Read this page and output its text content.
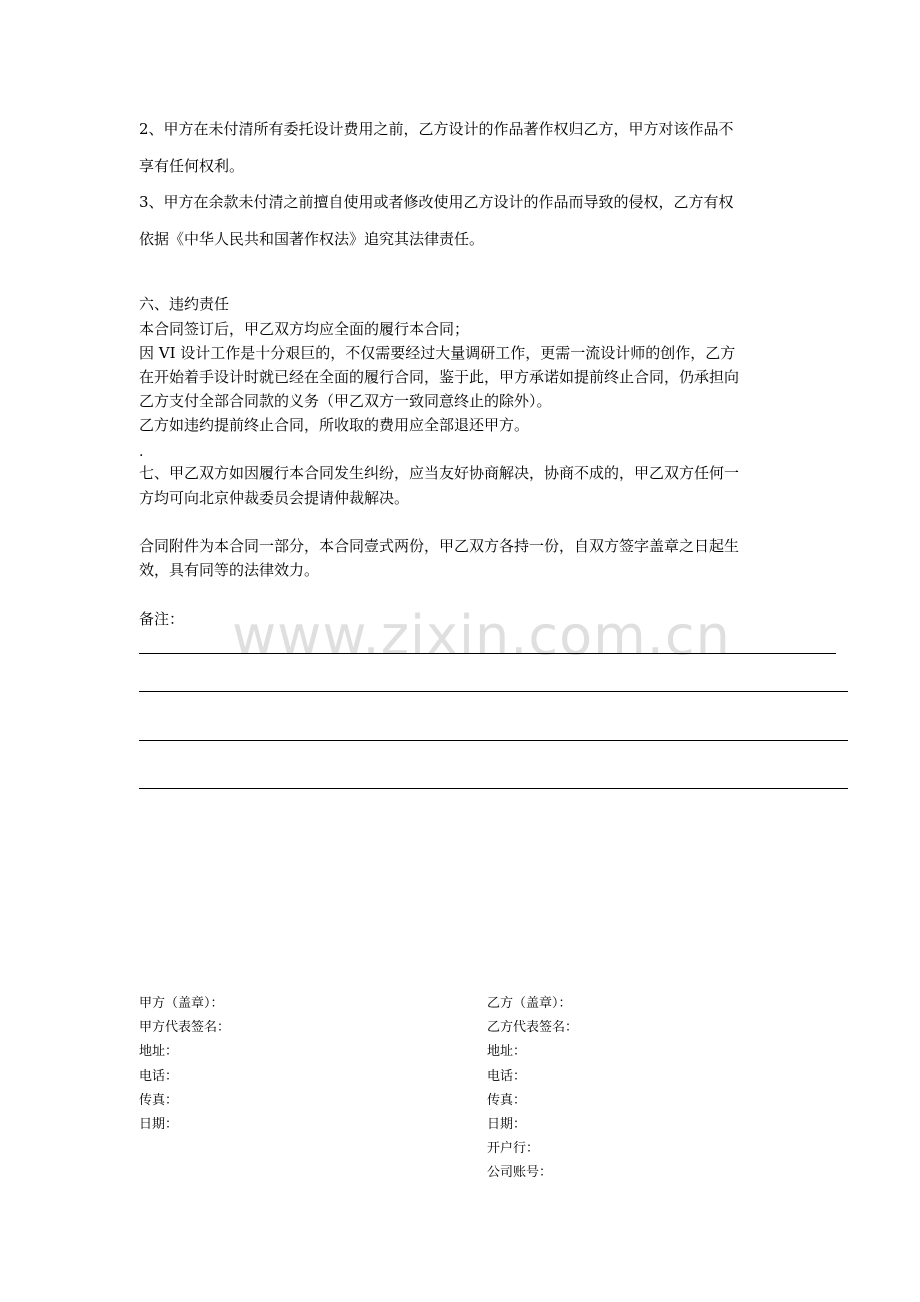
2、甲方在未付清所有委托设计费用之前，乙方设计的作品著作权归乙方，甲方对该作品不
享有任何权利。
3、甲方在余款未付清之前擅自使用或者修改使用乙方设计的作品而导致的侵权，乙方有权
依据《中华人民共和国著作权法》追究其法律责任。
六、违约责任
本合同签订后，甲乙双方均应全面的履行本合同；
因 VI 设计工作是十分艰巨的，不仅需要经过大量调研工作，更需一流设计师的创作，乙方
在开始着手设计时就已经在全面的履行合同，鉴于此，甲方承诺如提前终止合同，仍承担向
乙方支付全部合同款的义务（甲乙双方一致同意终止的除外）。
乙方如违约提前终止合同，所收取的费用应全部退还甲方。
.
七、甲乙双方如因履行本合同发生纠纷，应当友好协商解决，协商不成的，甲乙双方任何一
方均可向北京仲裁委员会提请仲裁解决。
合同附件为本合同一部分，本合同壹式两份，甲乙双方各持一份，自双方签字盖章之日起生
效，具有同等的法律效力。
备注： www.zixin.com.cn
甲方（盖章）：
甲方代表签名：
地址：
电话：
传真：
日期：
乙方（盖章）：
乙方代表签名：
地址：
电话：
传真：
日期：
开户行：
公司账号：
